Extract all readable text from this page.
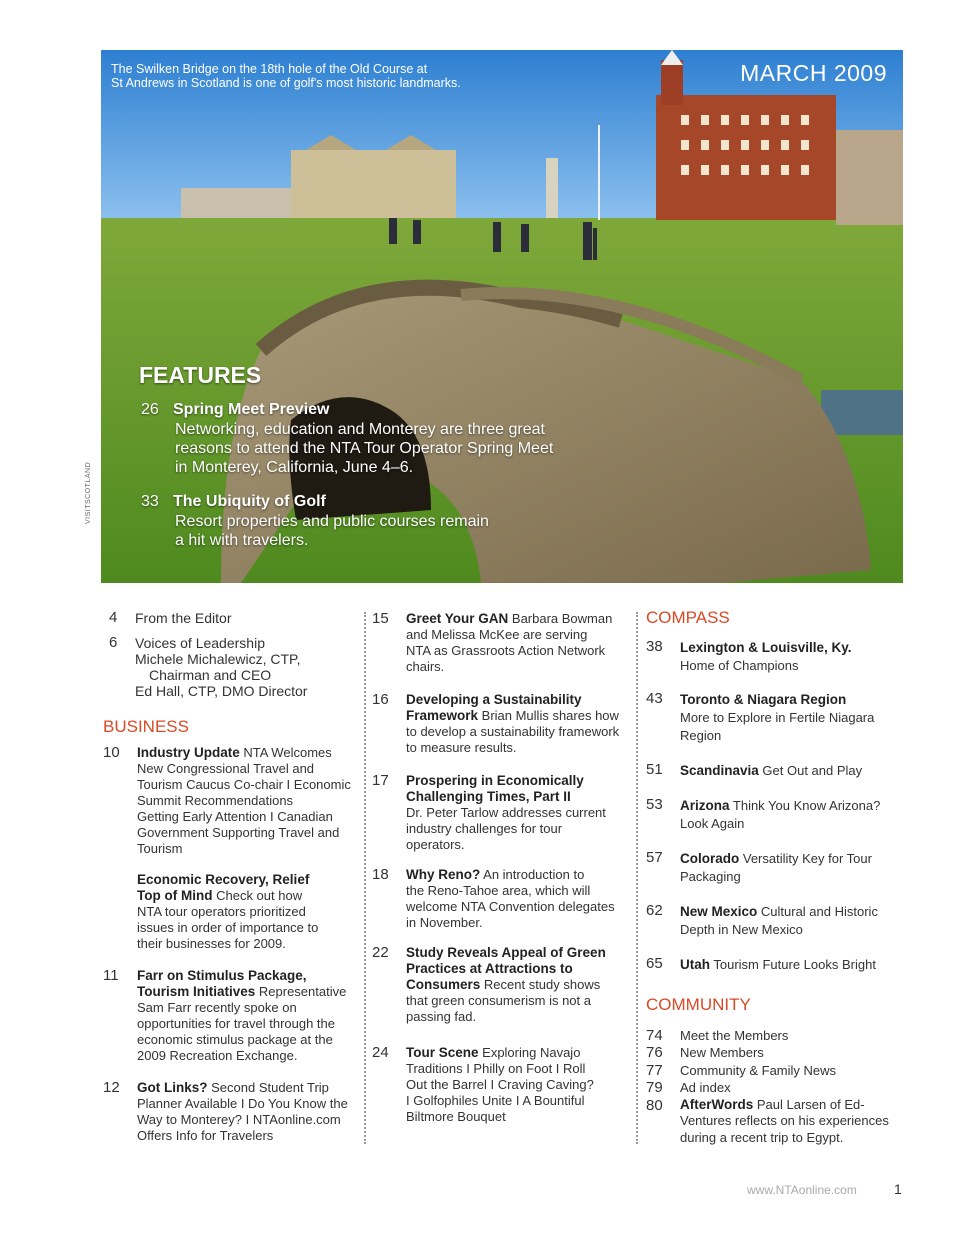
The Swilken Bridge on the 18th hole of the Old Course at
St Andrews in Scotland is one of golf's most historic landmarks.	MARCH 2009
FEATURES
26 Spring Meet Preview
Networking, education and Monterey are three great
reasons to attend the NTA Tour Operator Spring Meet
in Monterey, California, June 4–6.
33 The Ubiquity of Golf
Resort properties and public courses remain
a hit with travelers.
VISITSCOTLAND
4 From the Editor
6 Voices of Leadership
Michele Michalewicz, CTP,
Chairman and CEO
Ed Hall, CTP, DMO Director
BUSINESS
10 Industry Update NTA Welcomes
New Congressional Travel and
Tourism Caucus Co-chair I Economic
Summit Recommendations
Getting Early Attention I Canadian
Government Supporting Travel and
Tourism
Economic Recovery, Relief
Top of Mind Check out how
NTA tour operators prioritized
issues in order of importance to
their businesses for 2009.
11 Farr on Stimulus Package,
Tourism Initiatives Representative
Sam Farr recently spoke on
opportunities for travel through the
economic stimulus package at the
2009 Recreation Exchange.
12 Got Links? Second Student Trip
Planner Available I Do You Know the
Way to Monterey? I NTAonline.com
Offers Info for Travelers
15 Greet Your GAN Barbara Bowman
and Melissa McKee are serving
NTA as Grassroots Action Network
chairs.
16 Developing a Sustainability
Framework Brian Mullis shares how
to develop a sustainability framework
to measure results.
17 Prospering in Economically
Challenging Times, Part II
Dr. Peter Tarlow addresses current
industry challenges for tour
operators.
18 Why Reno? An introduction to
the Reno-Tahoe area, which will
welcome NTA Convention delegates
in November.
22 Study Reveals Appeal of Green
Practices at Attractions to
Consumers Recent study shows
that green consumerism is not a
passing fad.
24 Tour Scene Exploring Navajo
Traditions I Philly on Foot I Roll
Out the Barrel I Craving Caving?
I Golfophiles Unite I A Bountiful
Biltmore Bouquet
COMPASS
38 Lexington & Louisville, Ky.
Home of Champions
43 Toronto & Niagara Region
More to Explore in Fertile Niagara
Region
51 Scandinavia Get Out and Play
53 Arizona Think You Know Arizona?
Look Again
57 Colorado Versatility Key for Tour
Packaging
62 New Mexico Cultural and Historic
Depth in New Mexico
65 Utah Tourism Future Looks Bright
COMMUNITY
74 Meet the Members
76 New Members
77 Community & Family News
79 Ad index
80 AfterWords Paul Larsen of Ed-
Ventures reflects on his experiences
during a recent trip to Egypt.
www.NTAonline.com	1
